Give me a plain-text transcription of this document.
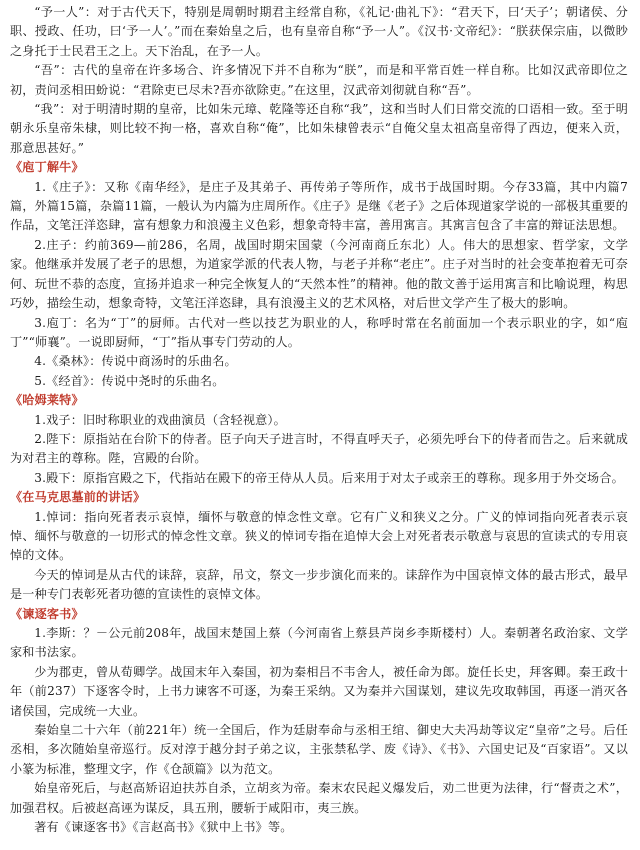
“予一人”：对于古代天下，特别是周朝时期君主经常自称，《礼记·曲礼下》：“君天下，曰‘天子’；朝诸侯、分职、授政、任功，曰‘予一人’。”而在秦始皇之后，也有皇帝自称“予一人”。《汉书·文帝纪》：“朕获保宗庙，以微眇之身托于士民君王之上。天下治乱，在予一人。

“吾”：古代的皇帝在许多场合、许多情况下并不自称为“朕”，而是和平常百姓一样自称。比如汉武帝即位之初，责问丞相田蚡说：“君除吏已尽未?吾亦欲除吏。”在这里，汉武帝刘彻就自称“吾”。

“我”：对于明清时期的皇帝，比如朱元璋、乾隆等还自称“我”，这和当时人们日常交流的口语相一致。至于明朝永乐皇帝朱棣，则比较不拘一格，喜欢自称“俺”，比如朱棣曾表示“自俺父皇太祖高皇帝得了西边，便来入贡，那意思甚好。”

《庖丁解牛》

1.《庄子》：又称《南华经》，是庄子及其弟子、再传弟子等所作，成书于战国时期。今存33篇，其中内篇7篇，外篇15篇，杂篇11篇，一般认为内篇为庄周所作。《庄子》是继《老子》之后体现道家学说的一部极其重要的作品，文笔汪洋恣肆，富有想象力和浪漫主义色彩，想象奇特丰富，善用寓言。其寓言包含了丰富的辩证法思想。

2.庄子：约前369—前286，名周，战国时期宋国蒙（今河南商丘东北）人。伟大的思想家、哲学家，文学家。他继承并发展了老子的思想，为道家学派的代表人物，与老子并称“老庄”。庄子对当时的社会变革抱着无可奈何、玩世不恭的态度，宣扬并追求一种完全恢复人的“天然本性”的精神。他的散文善于运用寓言和比喻说理，构思巧妙，描绘生动，想象奇特，文笔汪洋恣肆，具有浪漫主义的艺术风格，对后世文学产生了极大的影响。

3.庖丁：名为“丁”的厨师。古代对一些以技艺为职业的人，称呼时常在名前面加一个表示职业的字，如“庖丁”“师襄”。一说即厨师，“丁”指从事专门劳动的人。

4.《桑林》：传说中商汤时的乐曲名。

5.《经首》：传说中尧时的乐曲名。

《哈姆莱特》

1.戏子：旧时称职业的戏曲演员（含轻视意）。

2.陛下：原指站在台阶下的侍者。臣子向天子进言时，不得直呼天子，必须先呼台下的侍者而告之。后来就成为对君主的尊称。陛，宫殿的台阶。

3.殿下：原指宫殿之下，代指站在殿下的帝王侍从人员。后来用于对太子或亲王的尊称。现多用于外交场合。

《在马克思墓前的讲话》

1.悼词：指向死者表示哀悼，缅怀与敬意的悼念性文章。它有广义和狭义之分。广义的悼词指向死者表示哀悼、缅怀与敬意的一切形式的悼念性文章。狭义的悼词专指在追悼大会上对死者表示敬意与哀思的宣读式的专用哀悼的文体。

今天的悼词是从古代的诔辞，哀辞，吊文，祭文一步步演化而来的。诔辞作为中国哀悼文体的最古形式，最早是一种专门表彰死者功德的宣读性的哀悼文体。

《谏逐客书》

1.李斯：？－公元前208年，战国末楚国上蔡（今河南省上蔡县芦岗乡李斯楼村）人。秦朝著名政治家、文学家和书法家。

少为郡吏，曾从荀卿学。战国末年入秦国，初为秦相吕不韦舍人，被任命为郎。旋任长史，拜客卿。秦王政十年（前237）下逐客令时，上书力谏客不可逐，为秦王采纳。又为秦并六国谋划，建议先攻取韩国，再逐一消灭各诸侯国，完成统一大业。

秦始皇二十六年（前221年）统一全国后，作为廷尉奉命与丞相王绾、御史大夫冯劫等议定“皇帝”之号。后任丞相，多次随始皇帝巡行。反对淳于越分封子弟之议，主张禁私学、废《诗》、《书》、六国史记及“百家语”。又以小篆为标准，整理文字，作《仓颉篇》以为范文。

始皇帝死后，与赵高矫诏迫扶苏自杀，立胡亥为帝。秦末农民起义爆发后，劝二世更为法律，行“督责之术”，加强君权。后被赵高诬为谋反，具五刑，腰斩于咸阳市，夷三族。

著有《谏逐客书》《言赵高书》《狱中上书》等。
